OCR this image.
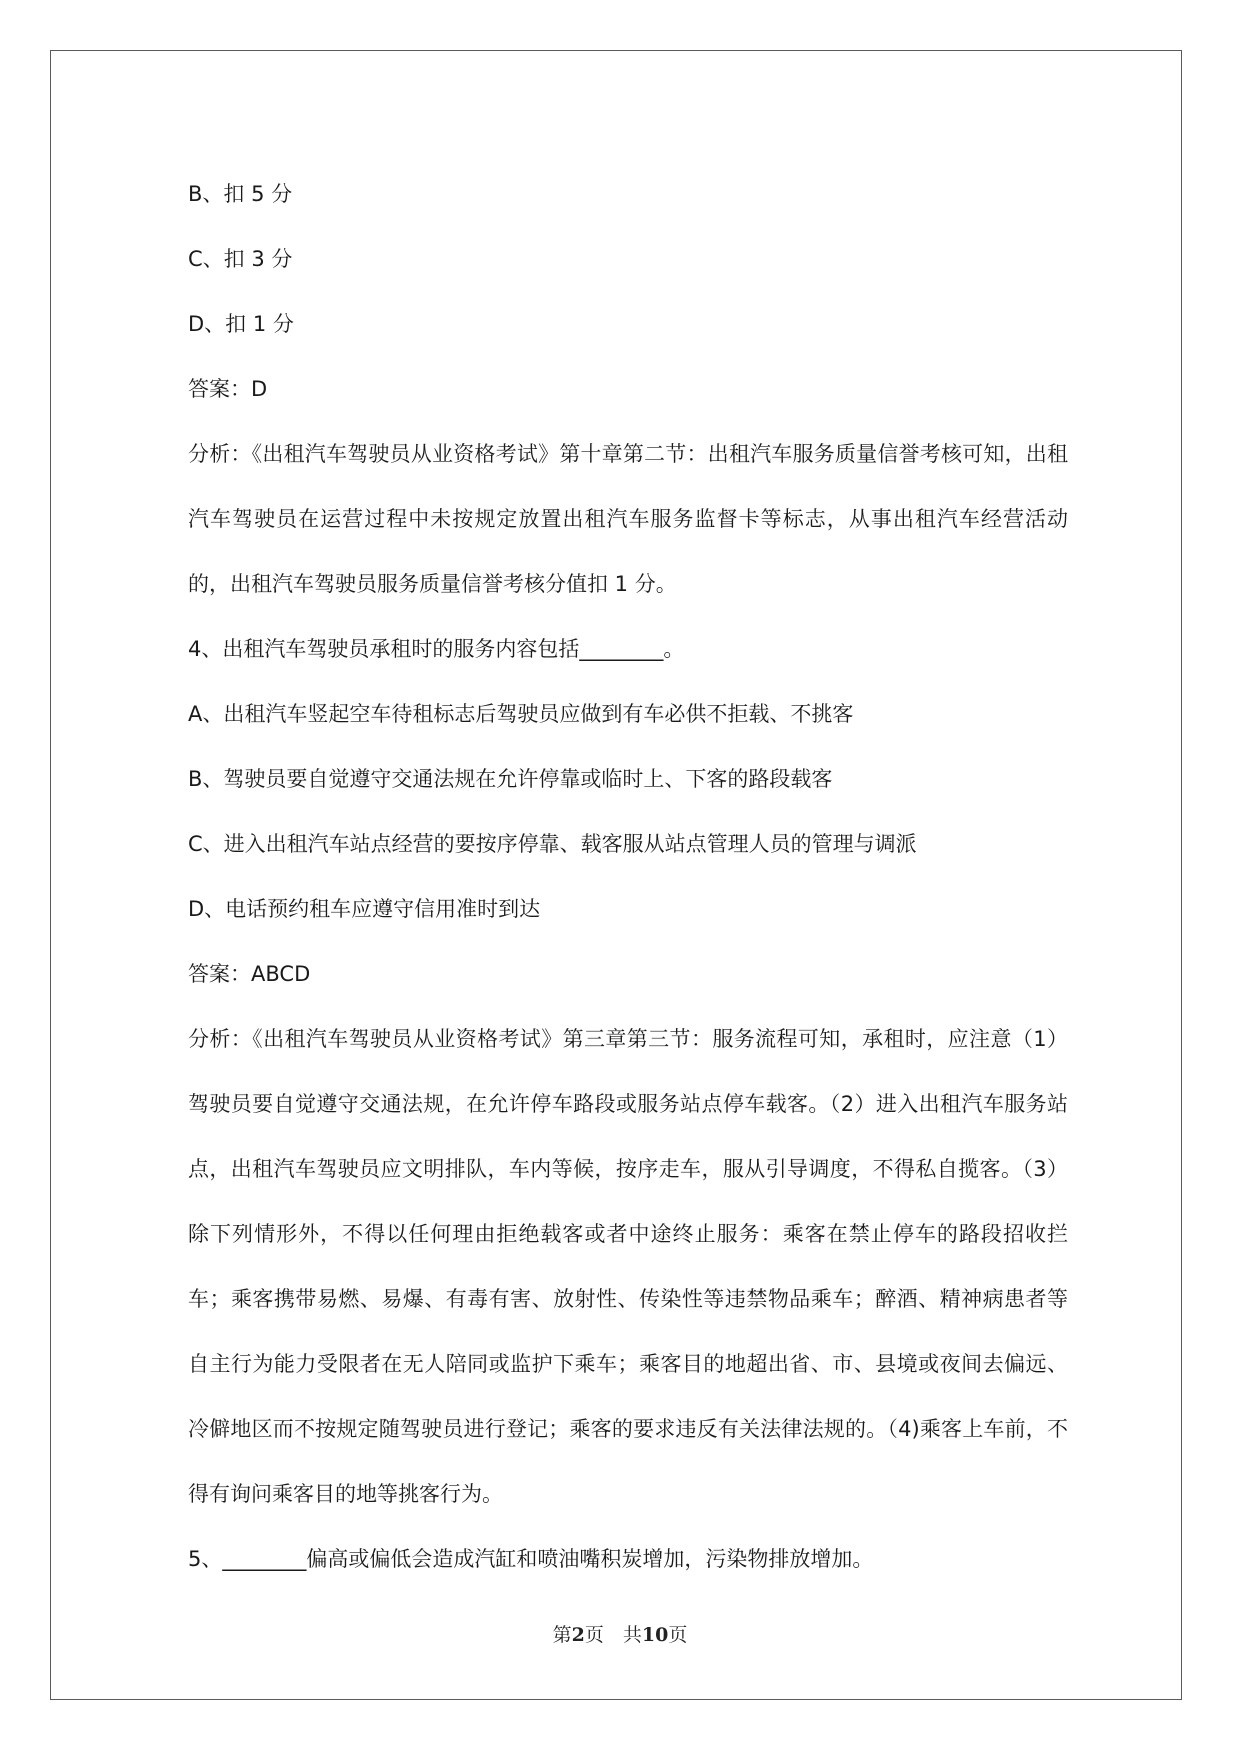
B、扣 5 分

C、扣 3 分

D、扣 1 分

答案：D

分析：《出租汽车驾驶员从业资格考试》第十章第二节：出租汽车服务质量信誉考核可知，出租汽车驾驶员在运营过程中未按规定放置出租汽车服务监督卡等标志，从事出租汽车经营活动的，出租汽车驾驶员服务质量信誉考核分值扣 1 分。

4、出租汽车驾驶员承租时的服务内容包括________。

A、出租汽车竖起空车待租标志后驾驶员应做到有车必供不拒载、不挑客

B、驾驶员要自觉遵守交通法规在允许停靠或临时上、下客的路段载客

C、进入出租汽车站点经营的要按序停靠、载客服从站点管理人员的管理与调派

D、电话预约租车应遵守信用准时到达

答案：ABCD

分析：《出租汽车驾驶员从业资格考试》第三章第三节：服务流程可知，承租时，应注意（1）驾驶员要自觉遵守交通法规，在允许停车路段或服务站点停车载客。（2）进入出租汽车服务站点，出租汽车驾驶员应文明排队，车内等候，按序走车，服从引导调度，不得私自揽客。（3）除下列情形外，不得以任何理由拒绝载客或者中途终止服务：乘客在禁止停车的路段招收拦车；乘客携带易燃、易爆、有毒有害、放射性、传染性等违禁物品乘车；醉酒、精神病患者等自主行为能力受限者在无人陪同或监护下乘车；乘客目的地超出省、市、县境或夜间去偏远、冷僻地区而不按规定随驾驶员进行登记；乘客的要求违反有关法律法规的。（4)乘客上车前，不得有询问乘客目的地等挑客行为。

5、________偏高或偏低会造成汽缸和喷油嘴积炭增加，污染物排放增加。

第2页　共10页
